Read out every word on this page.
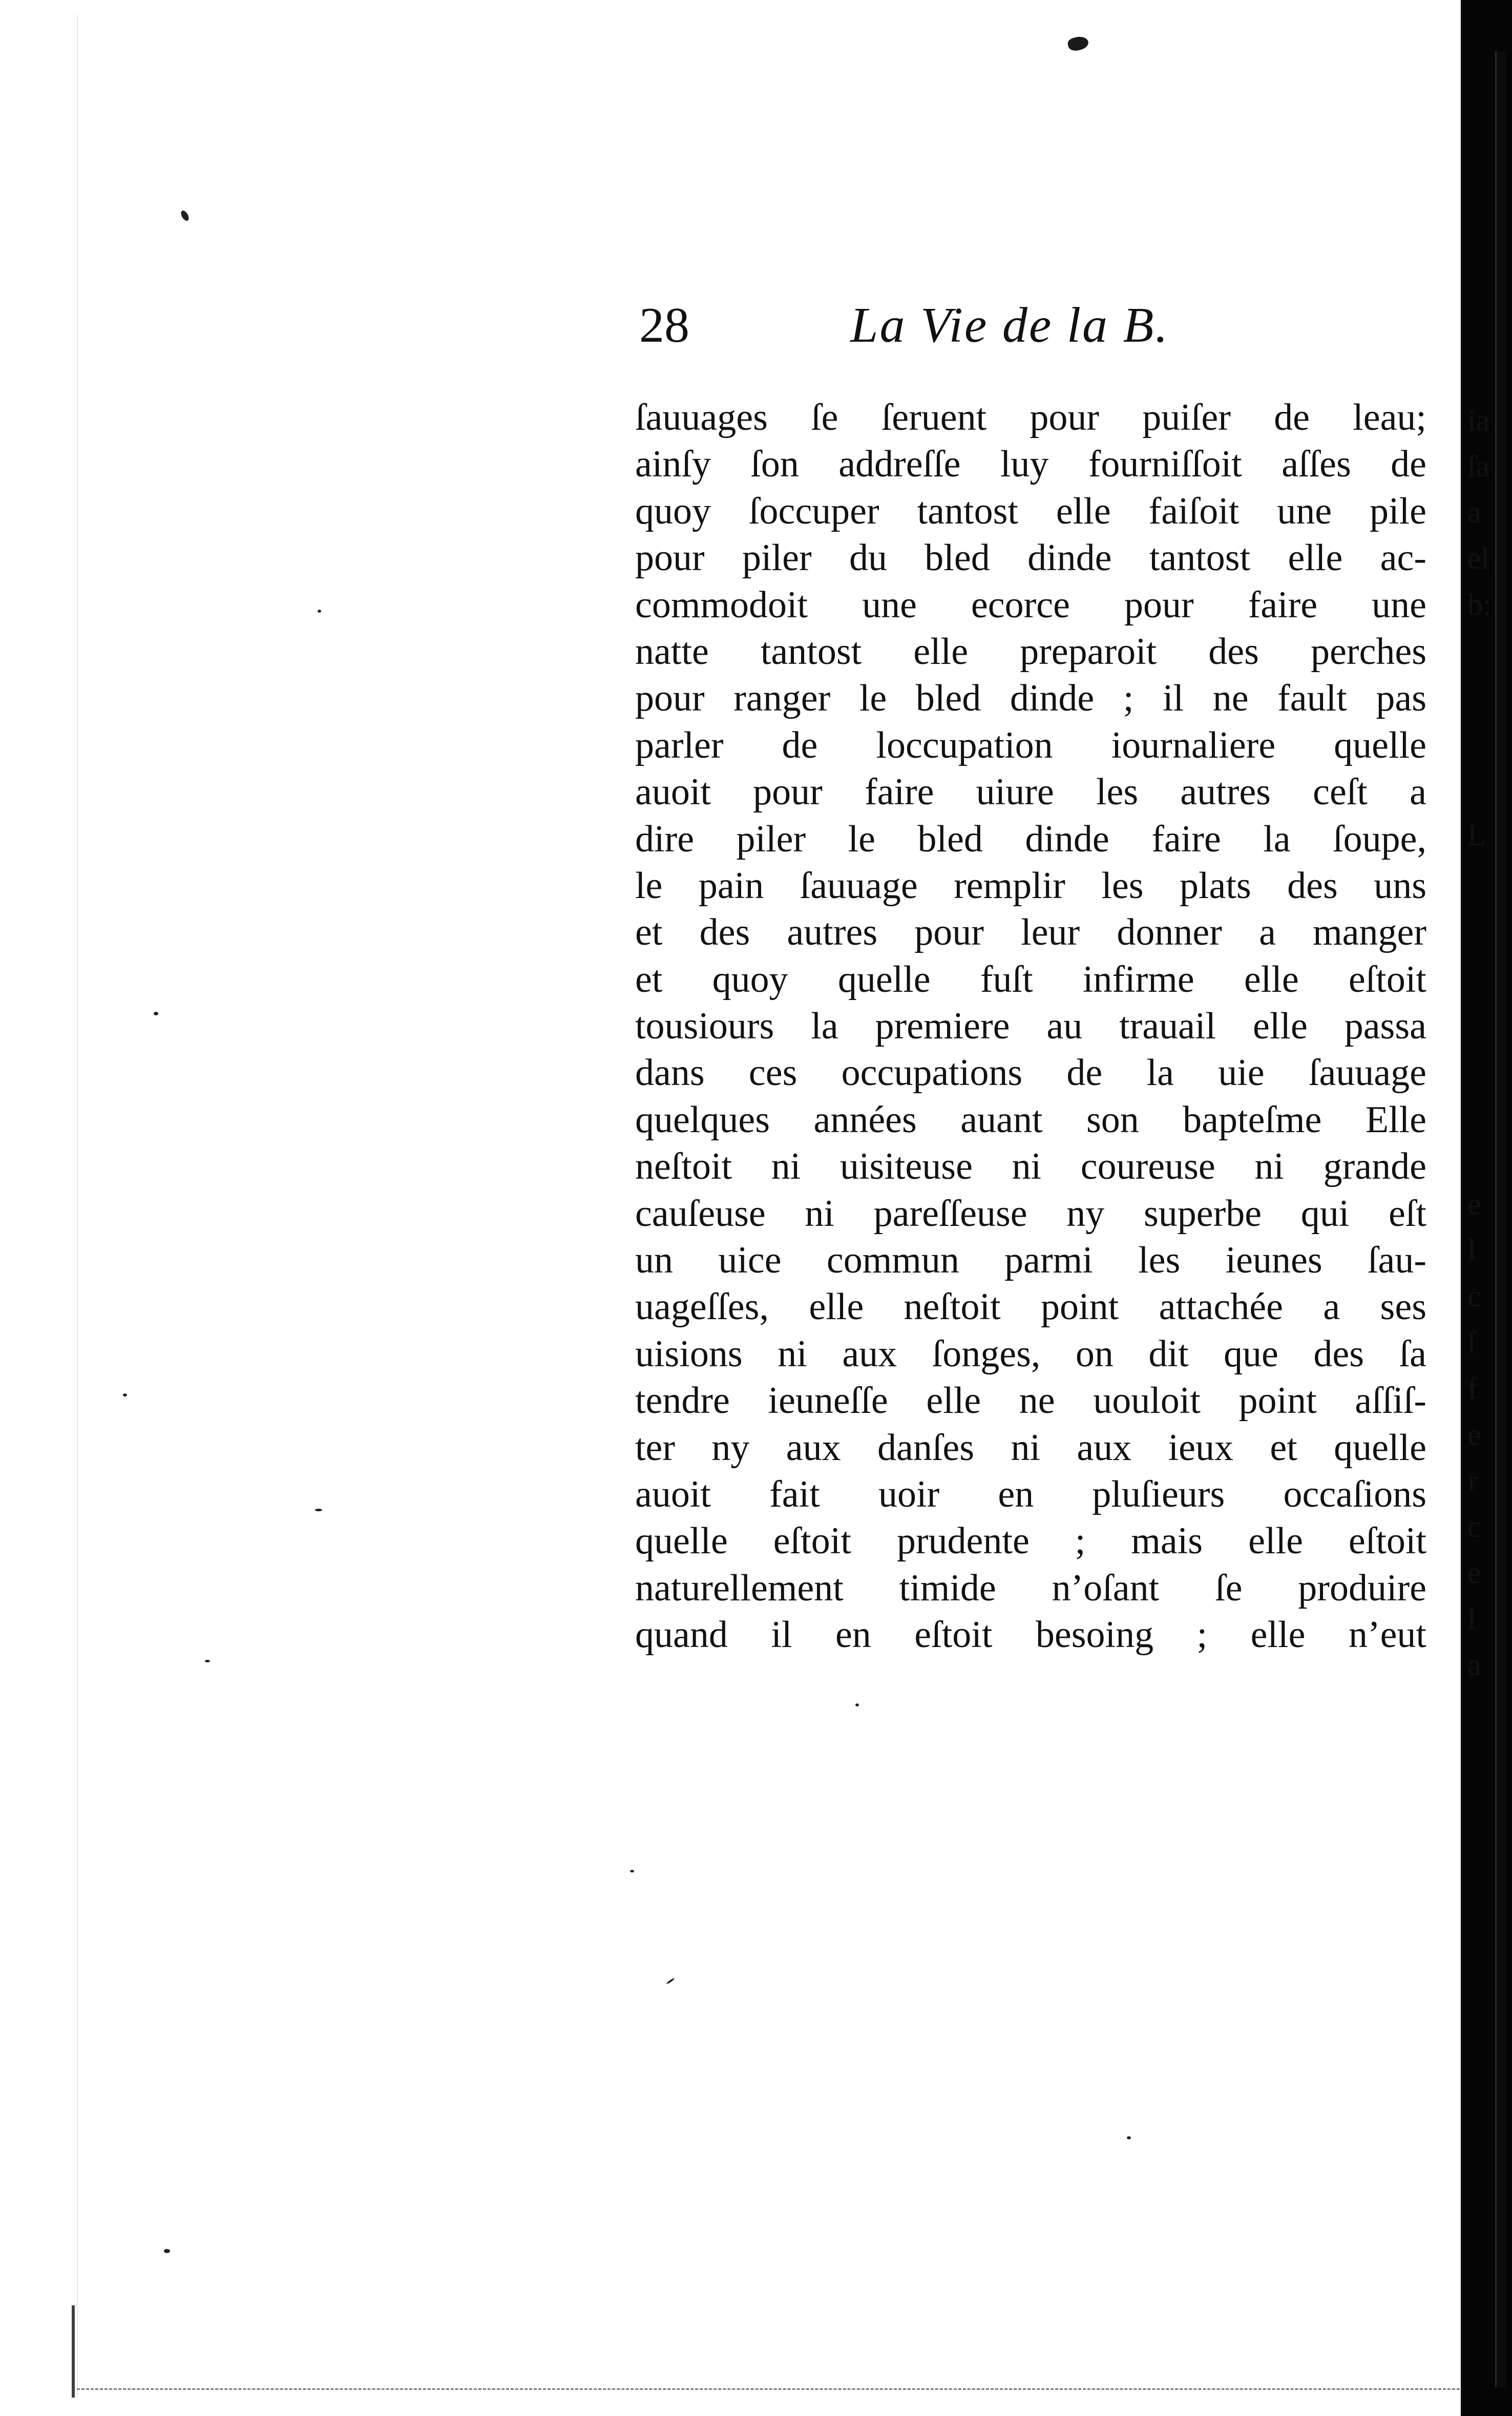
28	La Vie de la B.
ſauuages ſe ſeruent pour puiſer de leau;
ainſy ſon addreſſe luy fourniſſoit aſſes de
quoy ſoccuper tantost elle faiſoit une pile
pour piler du bled dinde tantost elle ac-
commodoit une ecorce pour faire une
natte tantost elle preparoit des perches
pour ranger le bled dinde ; il ne fault pas
parler de loccupation iournaliere quelle
auoit pour faire uiure les autres ceſt a
dire piler le bled dinde faire la ſoupe,
le pain ſauuage remplir les plats des uns
et des autres pour leur donner a manger
et quoy quelle fuſt infirme elle eſtoit
tousiours la premiere au trauail elle passa
dans ces occupations de la uie ſauuage
quelques années auant son bapteſme Elle
neſtoit ni uisiteuse ni coureuse ni grande
cauſeuse ni pareſſeuse ny superbe qui eſt
un uice commun parmi les ieunes ſau-
uageſſes, elle neſtoit point attachée a ses
uisions ni aux ſonges, on dit que des ſa
tendre ieuneſſe elle ne uouloit point aſſiſ-
ter ny aux danſes ni aux ieux et quelle
auoit fait uoir en pluſieurs occaſions
quelle eſtoit prudente ; mais elle eſtoit
naturellement timide n’oſant ſe produire
quand il en eſtoit besoing ; elle n’eut
ia
ſa
a
el
b:
L
e
l
c
ſ
f
e
r
c
e
l
a
